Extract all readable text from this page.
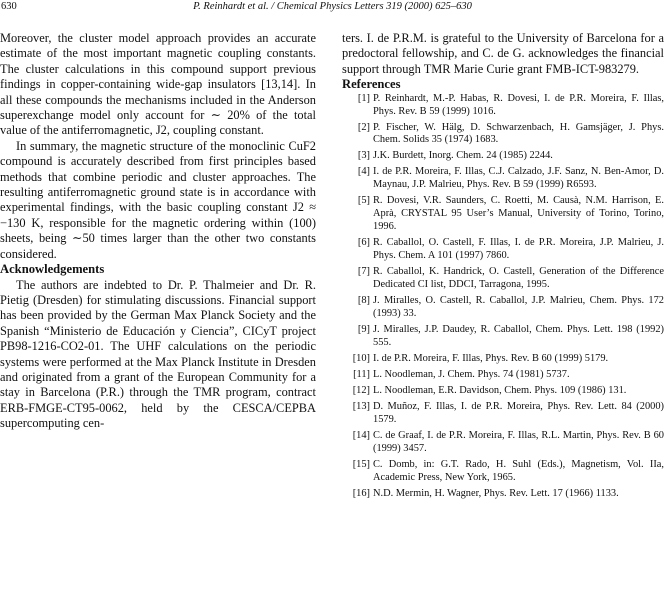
630	P. Reinhardt et al. / Chemical Physics Letters 319 (2000) 625–630

Moreover, the cluster model approach provides an accurate estimate of the most important magnetic coupling constants. The cluster calculations in this compound support previous findings in copper-containing wide-gap insulators [13,14]. In all these compounds the mechanisms included in the Anderson superexchange model only account for ∼ 20% of the total value of the antiferromagnetic, J2, coupling constant.

In summary, the magnetic structure of the monoclinic CuF2 compound is accurately described from first principles based methods that combine periodic and cluster approaches. The resulting antiferromagnetic ground state is in accordance with experimental findings, with the basic coupling constant J2 ≈ −130 K, responsible for the magnetic ordering within (100) sheets, being ∼50 times larger than the other two constants considered.

Acknowledgements

The authors are indebted to Dr. P. Thalmeier and Dr. R. Pietig (Dresden) for stimulating discussions. Financial support has been provided by the German Max Planck Society and the Spanish “Ministerio de Educación y Ciencia”, CICyT project PB98-1216-CO2-01. The UHF calculations on the periodic systems were performed at the Max Planck Institute in Dresden and originated from a grant of the European Community for a stay in Barcelona (P.R.) through the TMR program, contract ERB-FMGE-CT95-0062, held by the CESCA/CEPBA supercomputing cen-

ters. I. de P.R.M. is grateful to the University of Barcelona for a predoctoral fellowship, and C. de G. acknowledges the financial support through TMR Marie Curie grant FMB-ICT-983279.

References

[1] P. Reinhardt, M.-P. Habas, R. Dovesi, I. de P.R. Moreira, F. Illas, Phys. Rev. B 59 (1999) 1016.
[2] P. Fischer, W. Hälg, D. Schwarzenbach, H. Gamsjäger, J. Phys. Chem. Solids 35 (1974) 1683.
[3] J.K. Burdett, Inorg. Chem. 24 (1985) 2244.
[4] I. de P.R. Moreira, F. Illas, C.J. Calzado, J.F. Sanz, N. Ben-Amor, D. Maynau, J.P. Malrieu, Phys. Rev. B 59 (1999) R6593.
[5] R. Dovesi, V.R. Saunders, C. Roetti, M. Causà, N.M. Harrison, E. Aprà, CRYSTAL 95 User’s Manual, University of Torino, Torino, 1996.
[6] R. Caballol, O. Castell, F. Illas, I. de P.R. Moreira, J.P. Malrieu, J. Phys. Chem. A 101 (1997) 7860.
[7] R. Caballol, K. Handrick, O. Castell, Generation of the Difference Dedicated CI list, DDCI, Tarragona, 1995.
[8] J. Miralles, O. Castell, R. Caballol, J.P. Malrieu, Chem. Phys. 172 (1993) 33.
[9] J. Miralles, J.P. Daudey, R. Caballol, Chem. Phys. Lett. 198 (1992) 555.
[10] I. de P.R. Moreira, F. Illas, Phys. Rev. B 60 (1999) 5179.
[11] L. Noodleman, J. Chem. Phys. 74 (1981) 5737.
[12] L. Noodleman, E.R. Davidson, Chem. Phys. 109 (1986) 131.
[13] D. Muñoz, F. Illas, I. de P.R. Moreira, Phys. Rev. Lett. 84 (2000) 1579.
[14] C. de Graaf, I. de P.R. Moreira, F. Illas, R.L. Martin, Phys. Rev. B 60 (1999) 3457.
[15] C. Domb, in: G.T. Rado, H. Suhl (Eds.), Magnetism, Vol. IIa, Academic Press, New York, 1965.
[16] N.D. Mermin, H. Wagner, Phys. Rev. Lett. 17 (1966) 1133.
